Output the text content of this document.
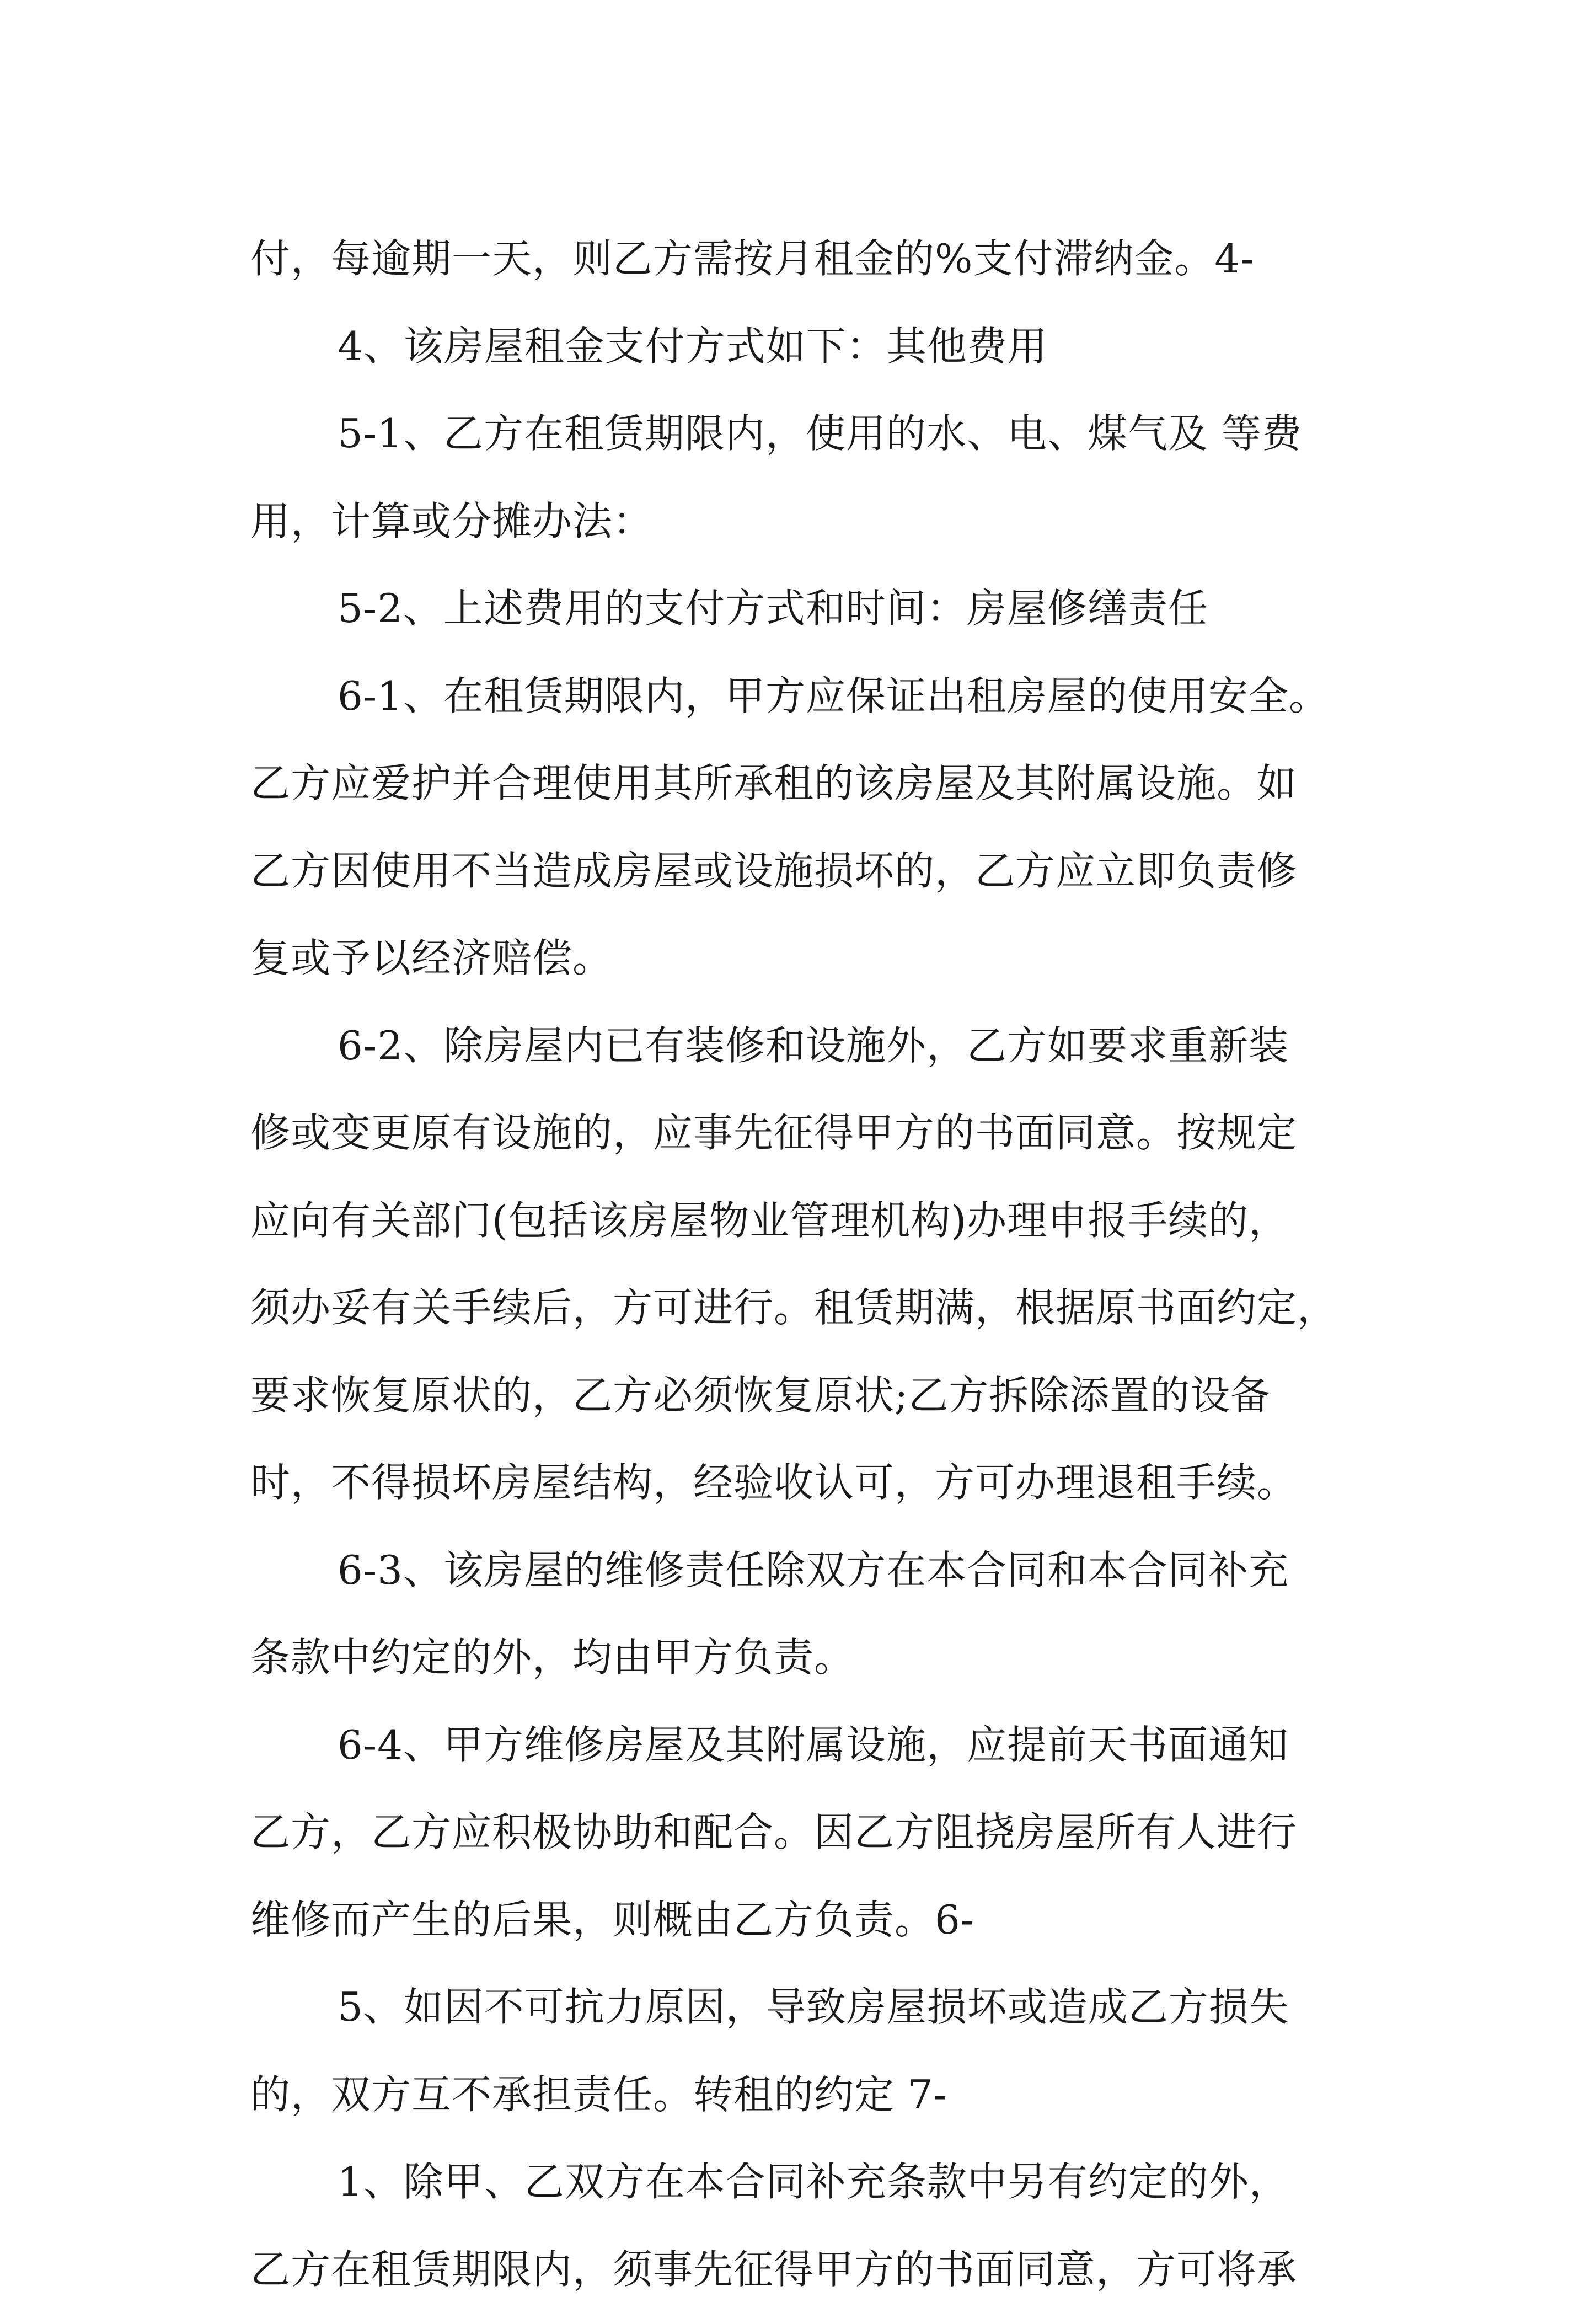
付，每逾期一天，则乙方需按月租金的%支付滞纳金。4-
4、该房屋租金支付方式如下：其他费用
5-1、乙方在租赁期限内，使用的水、电、煤气及 等费
用，计算或分摊办法：
5-2、上述费用的支付方式和时间：房屋修缮责任
6-1、在租赁期限内，甲方应保证出租房屋的使用安全。
乙方应爱护并合理使用其所承租的该房屋及其附属设施。如
乙方因使用不当造成房屋或设施损坏的，乙方应立即负责修
复或予以经济赔偿。
6-2、除房屋内已有装修和设施外，乙方如要求重新装
修或变更原有设施的，应事先征得甲方的书面同意。按规定
应向有关部门(包括该房屋物业管理机构)办理申报手续的，
须办妥有关手续后，方可进行。租赁期满，根据原书面约定，
要求恢复原状的，乙方必须恢复原状;乙方拆除添置的设备
时，不得损坏房屋结构，经验收认可，方可办理退租手续。
6-3、该房屋的维修责任除双方在本合同和本合同补充
条款中约定的外，均由甲方负责。
6-4、甲方维修房屋及其附属设施，应提前天书面通知
乙方，乙方应积极协助和配合。因乙方阻挠房屋所有人进行
维修而产生的后果，则概由乙方负责。6-
5、如因不可抗力原因，导致房屋损坏或造成乙方损失
的，双方互不承担责任。转租的约定 7-
1、除甲、乙双方在本合同补充条款中另有约定的外，
乙方在租赁期限内，须事先征得甲方的书面同意，方可将承
